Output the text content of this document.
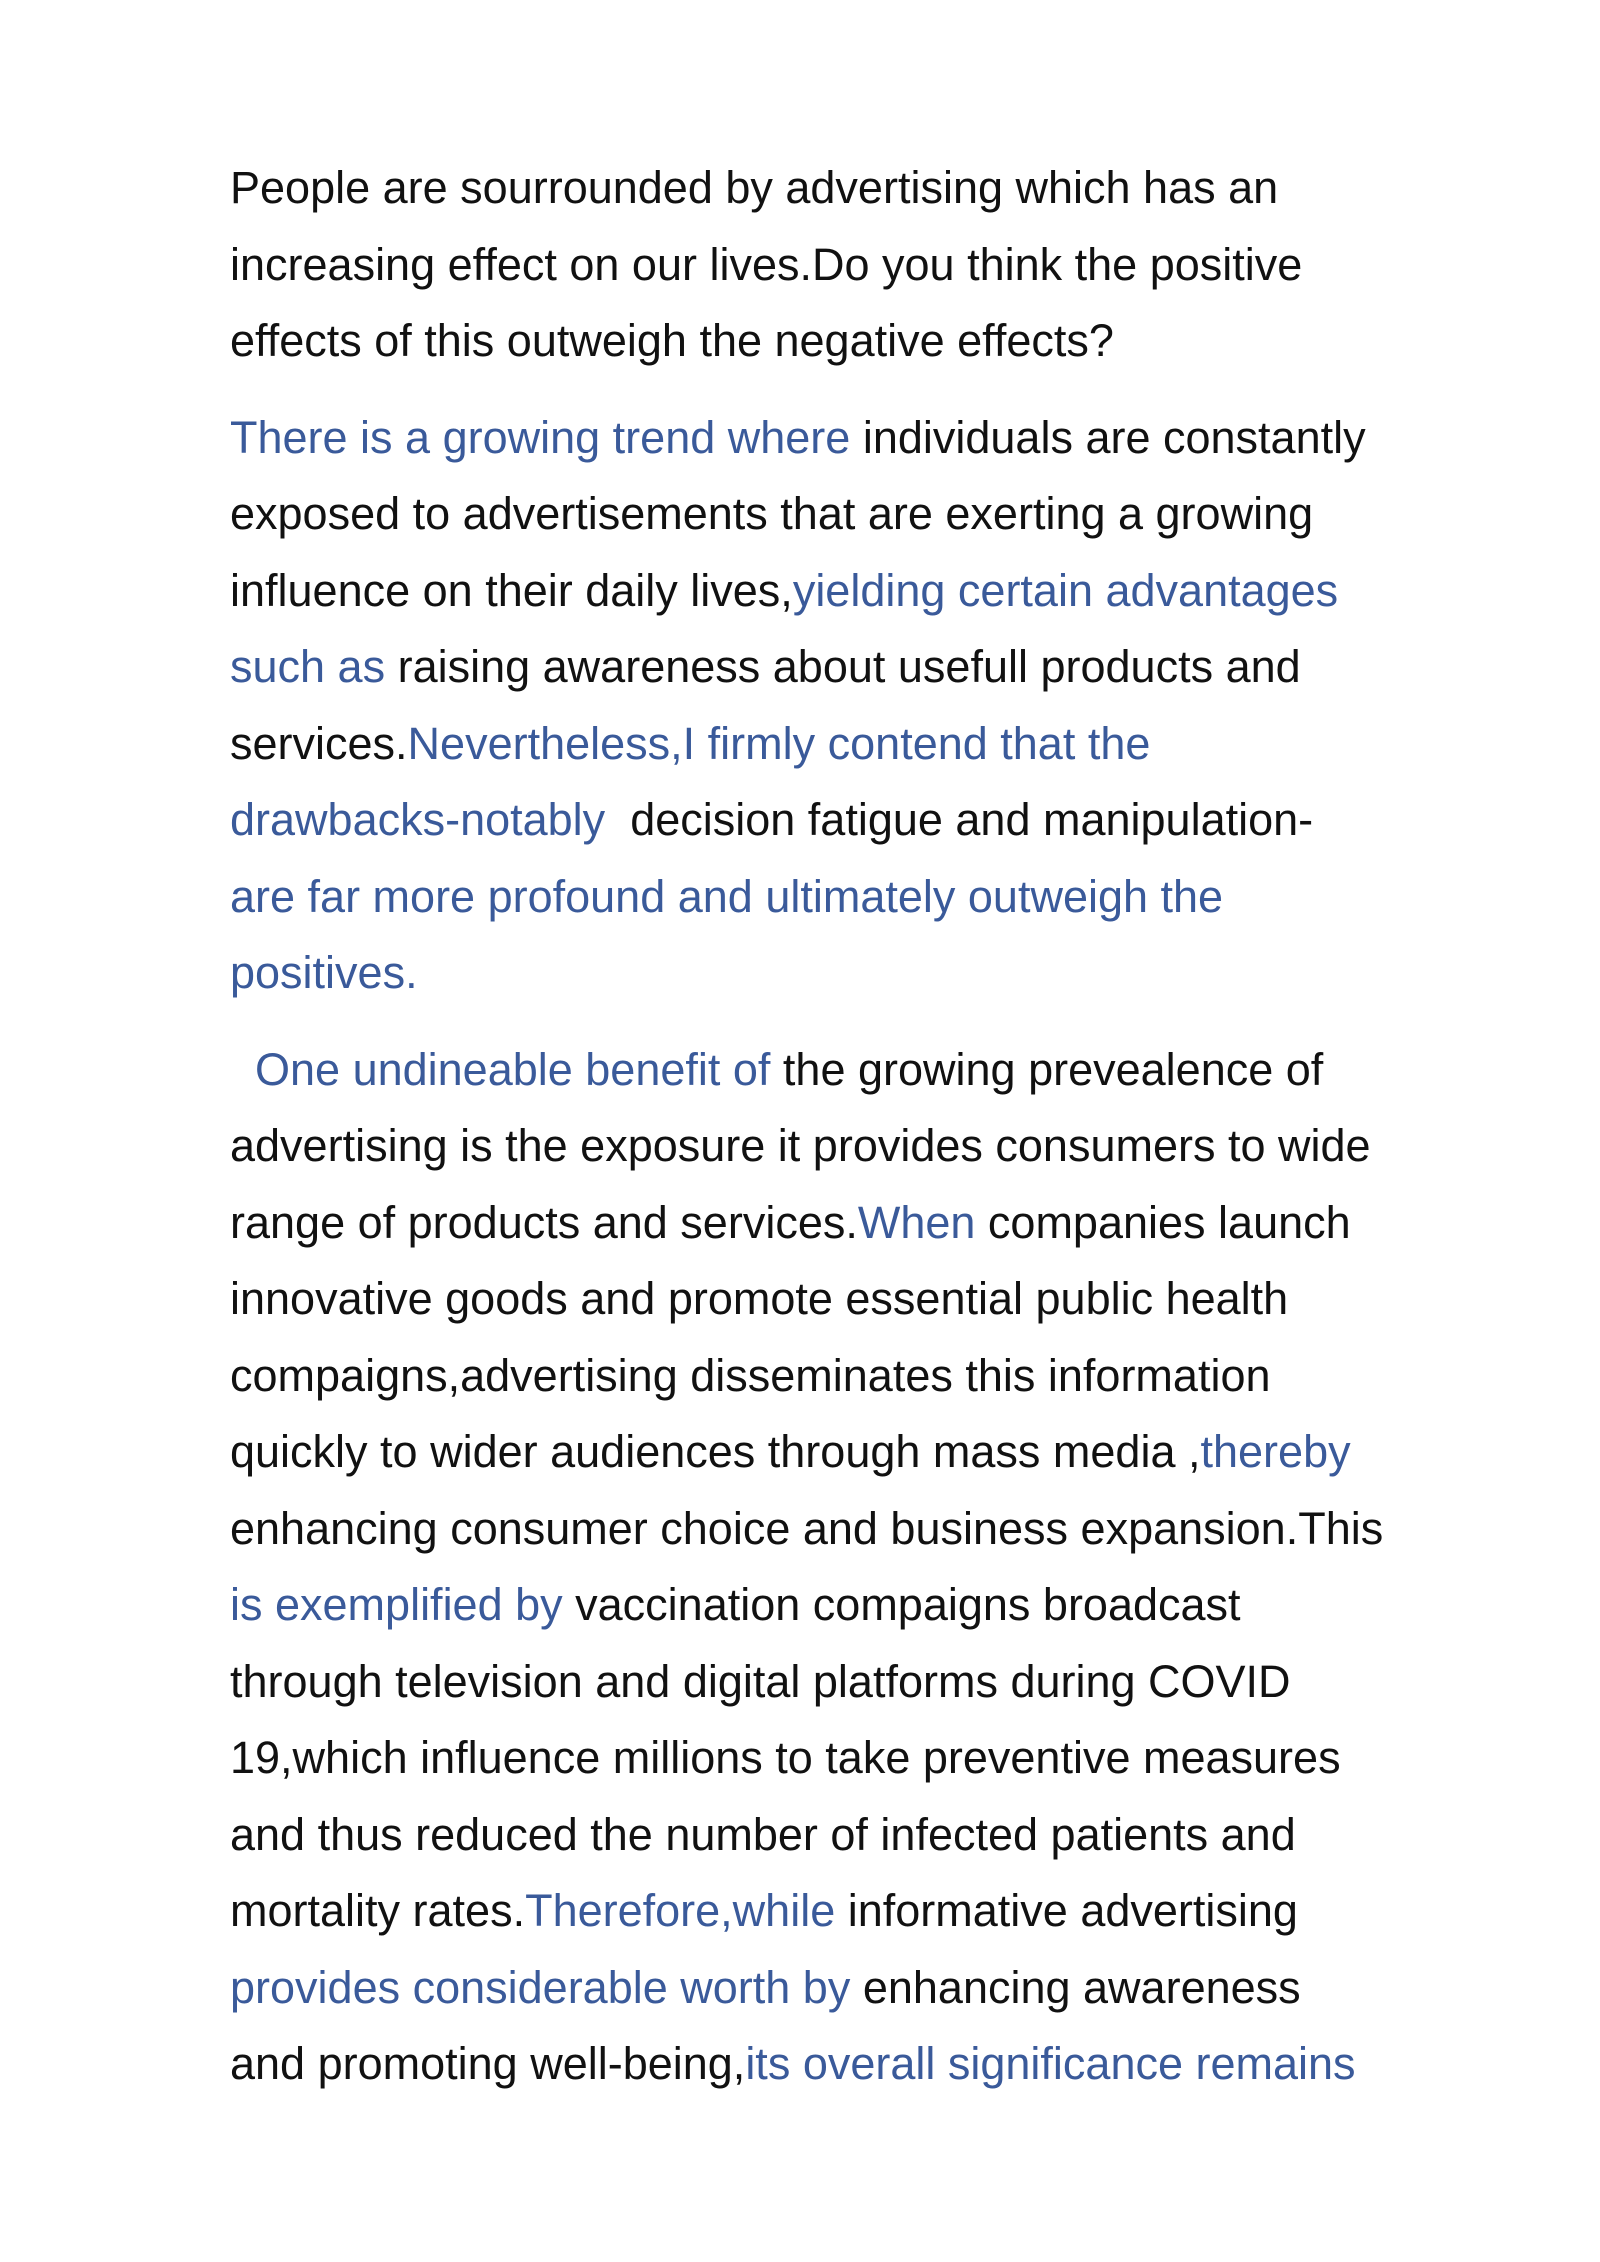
People are sourrounded by advertising which has an
increasing effect on our lives.Do you think the positive
effects of this outweigh the negative effects?

There is a growing trend where individuals are constantly
exposed to advertisements that are exerting a growing
influence on their daily lives,yielding certain advantages
such as raising awareness about usefull products and
services.Nevertheless,I firmly contend that the
drawbacks-notably  decision fatigue and manipulation-
are far more profound and ultimately outweigh the
positives.

One undineable benefit of the growing prevealence of
advertising is the exposure it provides consumers to wide
range of products and services.When companies launch
innovative goods and promote essential public health
compaigns,advertising disseminates this information
quickly to wider audiences through mass media ,thereby
enhancing consumer choice and business expansion.This
is exemplified by vaccination compaigns broadcast
through television and digital platforms during COVID
19,which influence millions to take preventive measures
and thus reduced the number of infected patients and
mortality rates.Therefore,while informative advertising
provides considerable worth by enhancing awareness
and promoting well-being,its overall significance remains
